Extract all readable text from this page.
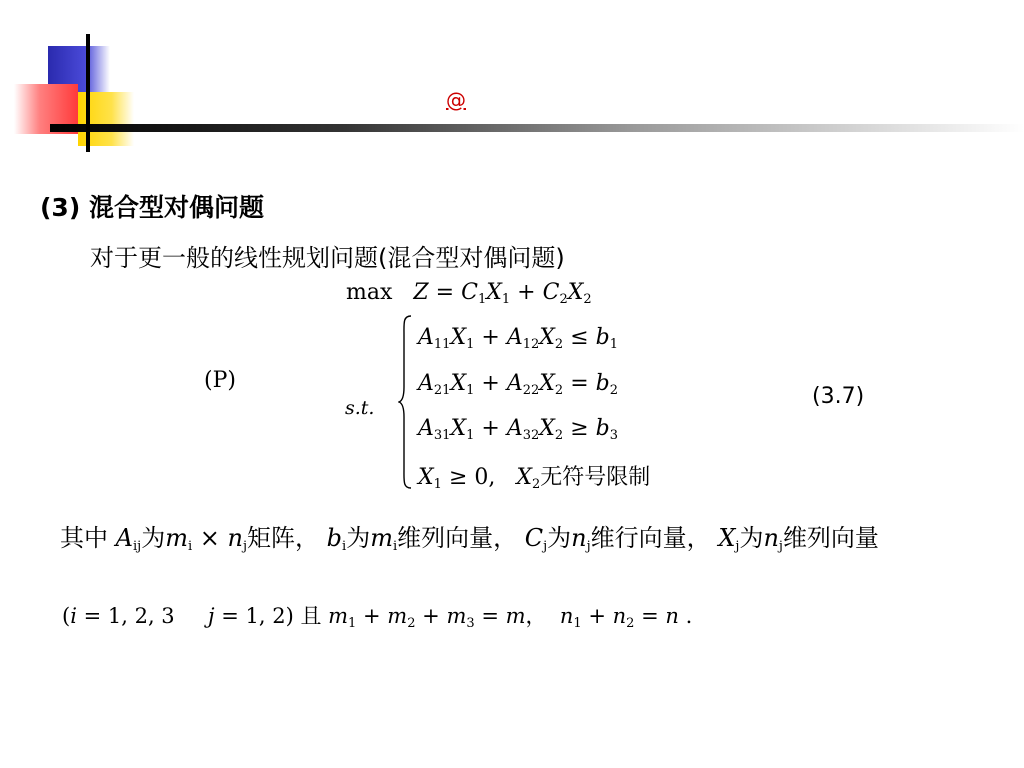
@
(3) 混合型对偶问题
对于更一般的线性规划问题(混合型对偶问题)
$\max Z = C_1X_1 + C_2X_2$
(P)
s.t.
$A_{11}X_1 + A_{12}X_2 \le b_1$
$A_{21}X_1 + A_{22}X_2 = b_2$
$A_{31}X_1 + A_{32}X_2 \ge b_3$
$X_1 \ge 0$,   $X_2$无符号限制
(3.7)
其中 $A_{ij}$为$m_i \times n_j$矩阵， $b_i$为$m_i$维列向量， $C_j$为$n_j$维行向量， $X_j$为$n_j$维列向量
(i = 1, 2, 3     j = 1, 2) 且 $m_1 + m_2 + m_3 = m$，  $n_1 + n_2 = n$ .
